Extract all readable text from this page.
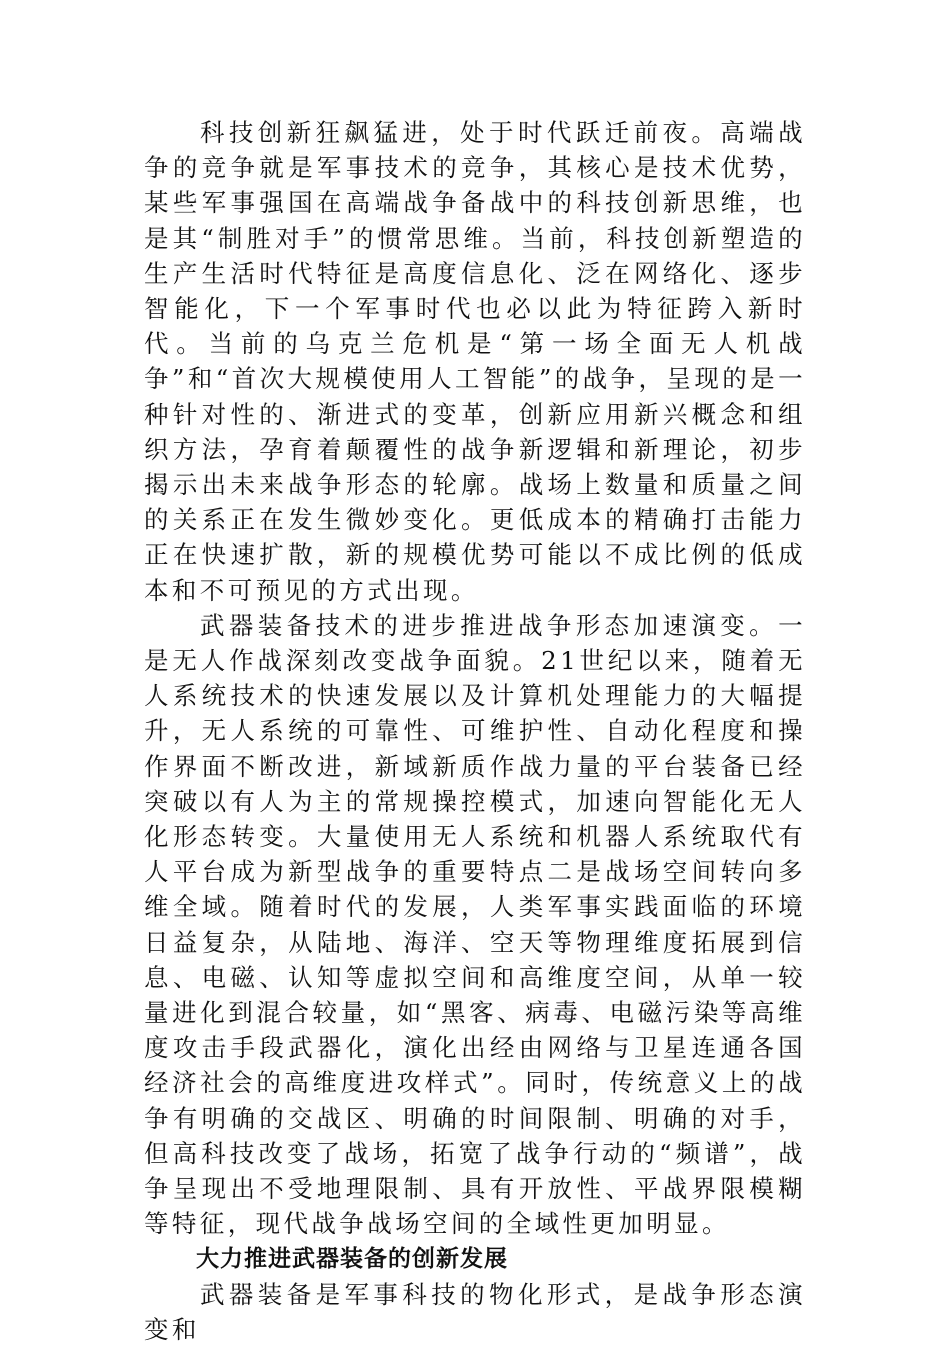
科技创新狂飙猛进，处于时代跃迁前夜。高端战争的竞争就是军事技术的竞争，其核心是技术优势，某些军事强国在高端战争备战中的科技创新思维，也是其“制胜对手”的惯常思维。当前，科技创新塑造的生产生活时代特征是高度信息化、泛在网络化、逐步智能化，下一个军事时代也必以此为特征跨入新时代。当前的乌克兰危机是“第一场全面无人机战争”和“首次大规模使用人工智能”的战争，呈现的是一种针对性的、渐进式的变革，创新应用新兴概念和组织方法，孕育着颠覆性的战争新逻辑和新理论，初步揭示出未来战争形态的轮廓。战场上数量和质量之间的关系正在发生微妙变化。更低成本的精确打击能力正在快速扩散，新的规模优势可能以不成比例的低成本和不可预见的方式出现。

武器装备技术的进步推进战争形态加速演变。一是无人作战深刻改变战争面貌。21世纪以来，随着无人系统技术的快速发展以及计算机处理能力的大幅提升，无人系统的可靠性、可维护性、自动化程度和操作界面不断改进，新域新质作战力量的平台装备已经突破以有人为主的常规操控模式，加速向智能化无人化形态转变。大量使用无人系统和机器人系统取代有人平台成为新型战争的重要特点二是战场空间转向多维全域。随着时代的发展，人类军事实践面临的环境日益复杂，从陆地、海洋、空天等物理维度拓展到信息、电磁、认知等虚拟空间和高维度空间，从单一较量进化到混合较量，如“黑客、病毒、电磁污染等高维度攻击手段武器化，演化出经由网络与卫星连通各国经济社会的高维度进攻样式”。同时，传统意义上的战争有明确的交战区、明确的时间限制、明确的对手，但高科技改变了战场，拓宽了战争行动的“频谱”，战争呈现出不受地理限制、具有开放性、平战界限模糊等特征，现代战争战场空间的全域性更加明显。

大力推进武器装备的创新发展

武器装备是军事科技的物化形式，是战争形态演变和
